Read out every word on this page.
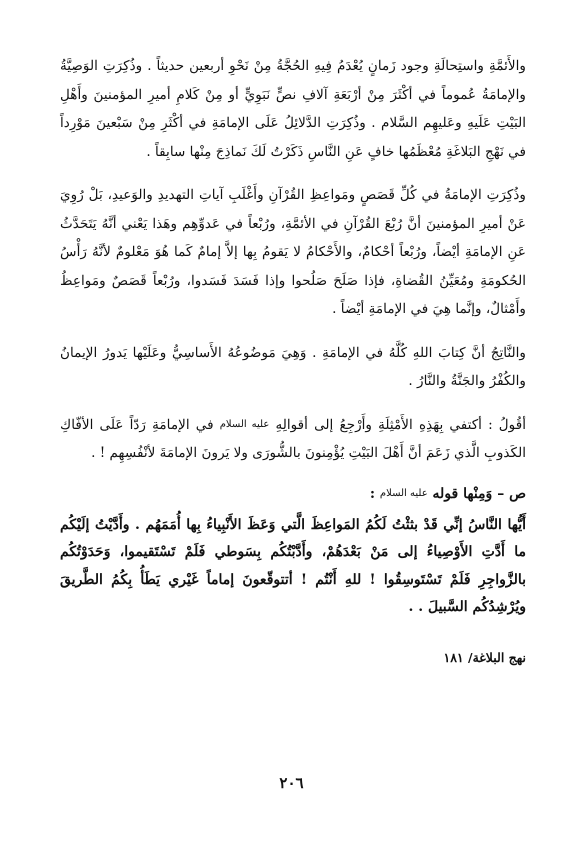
والأَئمَّةِ واستِحالَةِ وجود زَمانٍ يُعْدَمُ فِيهِ الحُجَّةُ مِنْ نَحْوِ أربعين حديثاً . وذُكِرَتِ الوَصِيَّةُ والإمامَةُ عُموماً في أكْثَرَ مِنْ أرْبَعَةِ آلافِ نصٍّ نَبَوِيٍّ أو مِنْ كَلامِ أميرِ المؤمنينَ وأَهْلِ البَيْتِ عَلَيهِ وعَليهِم السَّلام . وذُكِرَتِ الدَّلائِلُ عَلَى الإمامَةِ في أكْثَرِ مِنْ سَبْعينَ مَوْرِداً في نَهْجِ البَلاغَةِ مُعْظَمُها خافٍ عَنِ النَّاسِ ذَكَرْتُ لَكَ نَماذِجَ مِنْها سابِقاً .

وذُكِرَتِ الإمامَةُ في كُلِّ قَصَصٍ ومَواعِظِ القُرْآنِ وأَغْلَبِ آياتِ التهديدِ والوَعيدِ، بَلْ رُوِيَ عَنْ أميرِ المؤمنينَ أنَّ رُبْعَ القُرْآنِ في الأئمَّةِ، ورُبْعاً في عَدوِّهِم وهَذا يَعْني أنَّهُ يَتَحَدَّثُ عَنِ الإمامَةِ أيْضاً، ورُبْعاً أحْكامٌ، والأَحْكامُ لا يَقومُ بِها إلاَّ إمامٌ كَما هُوَ مَعْلومٌ لأنَّهُ رَأْسُ الحُكومَةِ ومُعَيِّنُ القُضاةِ، فإذا صَلَحَ صَلُحوا وإذا فَسَدَ فَسَدوا، ورُبْعاً قَصَصٌ ومَواعِظُ وأَمْثالٌ، وإنَّما هِيَ في الإمامَةِ أيْضاً .

والنَّاتِجُ أنَّ كِتابَ اللهِ كُلَّهُ في الإمامَةِ . وَهِيَ مَوضُوعُهُ الأَساسِيُّ وعَلَيْها يَدورُ الإيمانُ والكُفْرُ والجَنَّةُ والنَّارُ .

أقُولُ : أكتفي بِهَذِهِ الأَمْثِلَةِ وأَرْجِعُ إلى أقوالِهِ عليه السلام في الإمامَةِ رَدّاً عَلَى الأفّاكِ الكَذوبِ الَّذي زَعَمَ أنَّ أَهْلَ البَيْتِ يُؤْمِنونَ بالشُّورَى ولا يَرونَ الإمامَةَ لأنْفُسِهِم ! .

ص – وَمِنْها قوله عليه السلام :

أَيُّها النَّاسُ إنِّي قَدْ بثثْتُ لَكُمُ المَواعِظَ الَّتي وَعَظَ الأَنْبِياءُ بِها أُمَمَهُم . وأَدَّيْتُ إلَيْكُم ما أَدَّتِ الأَوْصِياءُ إلى مَنْ بَعْدَهُمْ، وأَدَّبْتُكُم بِسَوطي فَلَمْ تَسْتَقيموا، وَحَدَوْتُكُم بالزَّواجِرِ فَلَمْ تَسْتَوسِقُوا ! للهِ أَنْتُم ! أتتوقّعونَ إماماً غَيْري يَطَأُ بِكُمُ الطَّريقَ ويُرْشِدُكُم السَّبيلَ . .

نهج البلاغة/ ١٨١
٢٠٦
